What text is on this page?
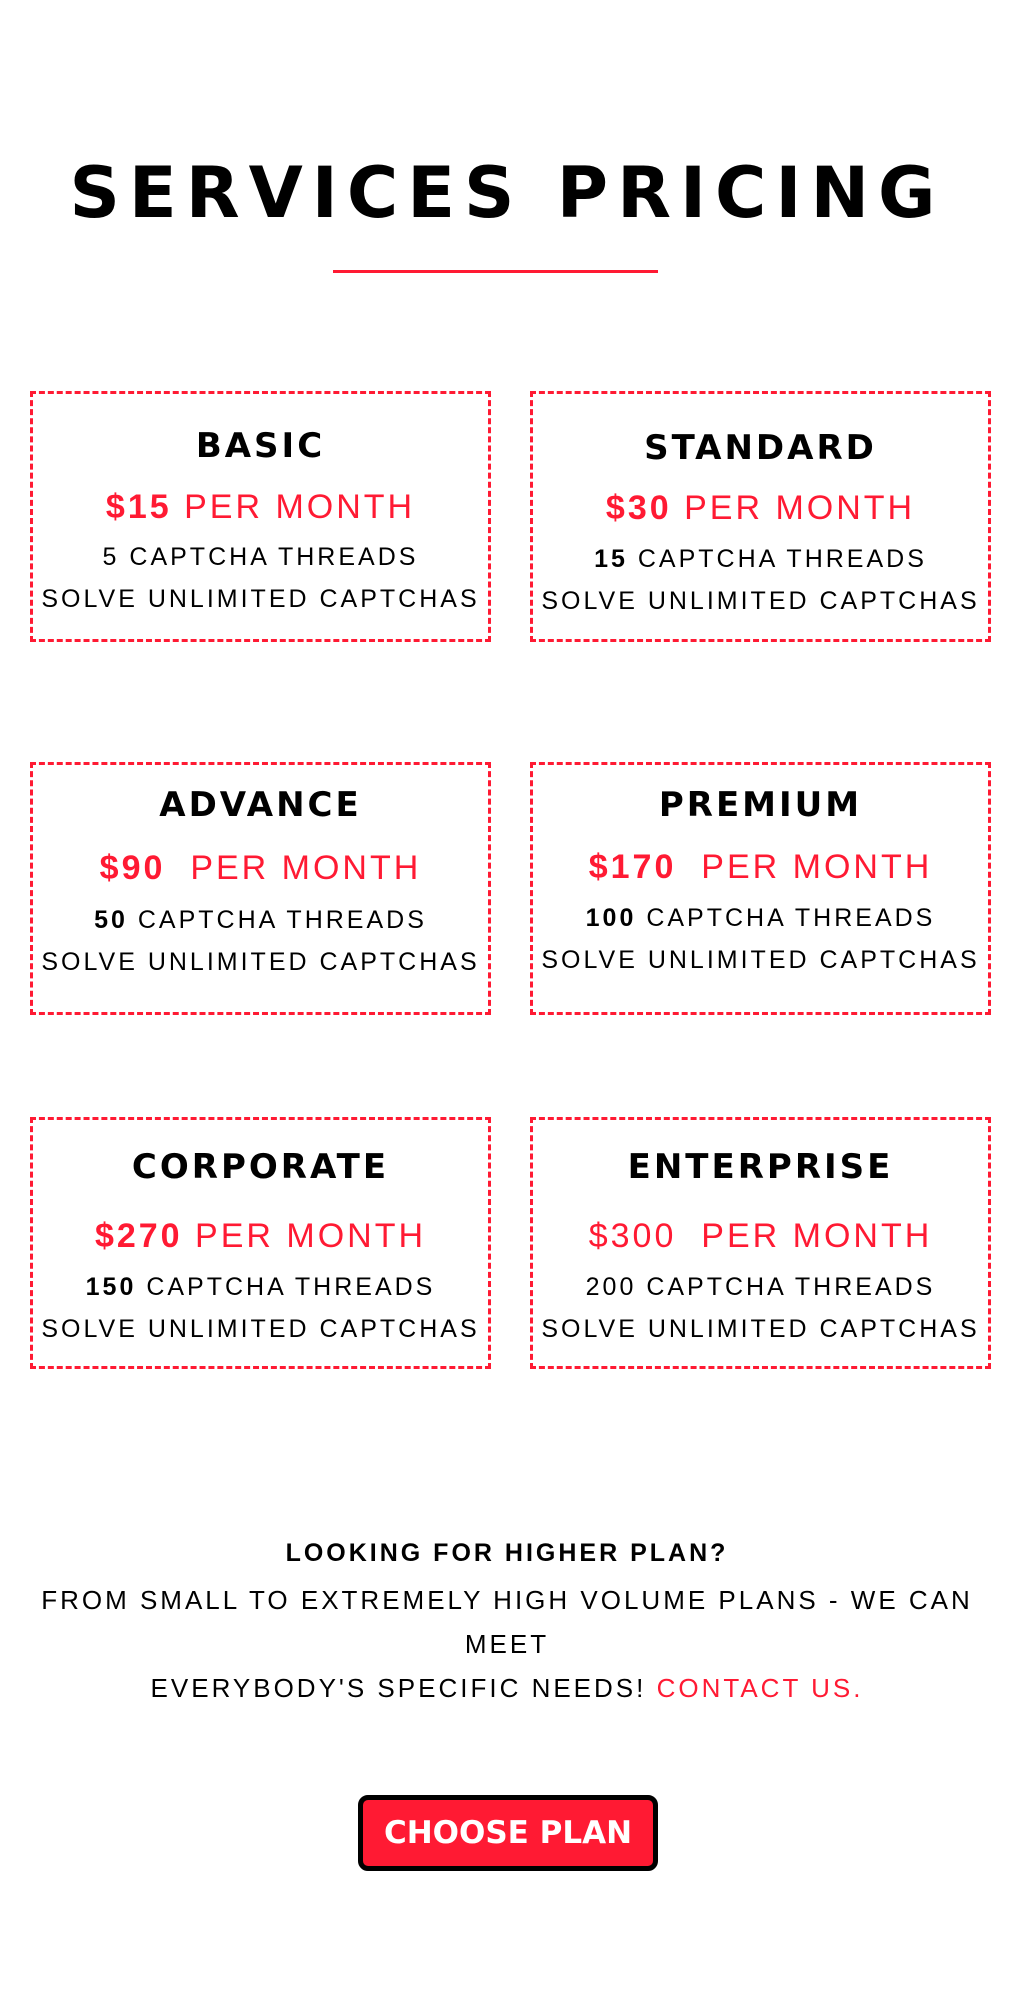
SERVICES PRICING
BASIC
$15 PER MONTH
5 CAPTCHA THREADS
SOLVE UNLIMITED CAPTCHAS
STANDARD
$30 PER MONTH
15 CAPTCHA THREADS
SOLVE UNLIMITED CAPTCHAS
ADVANCE
$90 PER MONTH
50 CAPTCHA THREADS
SOLVE UNLIMITED CAPTCHAS
PREMIUM
$170 PER MONTH
100 CAPTCHA THREADS
SOLVE UNLIMITED CAPTCHAS
CORPORATE
$270 PER MONTH
150 CAPTCHA THREADS
SOLVE UNLIMITED CAPTCHAS
ENTERPRISE
$300 PER MONTH
200 CAPTCHA THREADS
SOLVE UNLIMITED CAPTCHAS
LOOKING FOR HIGHER PLAN?

FROM SMALL TO EXTREMELY HIGH VOLUME PLANS - WE CAN MEET
EVERYBODY'S SPECIFIC NEEDS! CONTACT US.

CHOOSE PLAN
